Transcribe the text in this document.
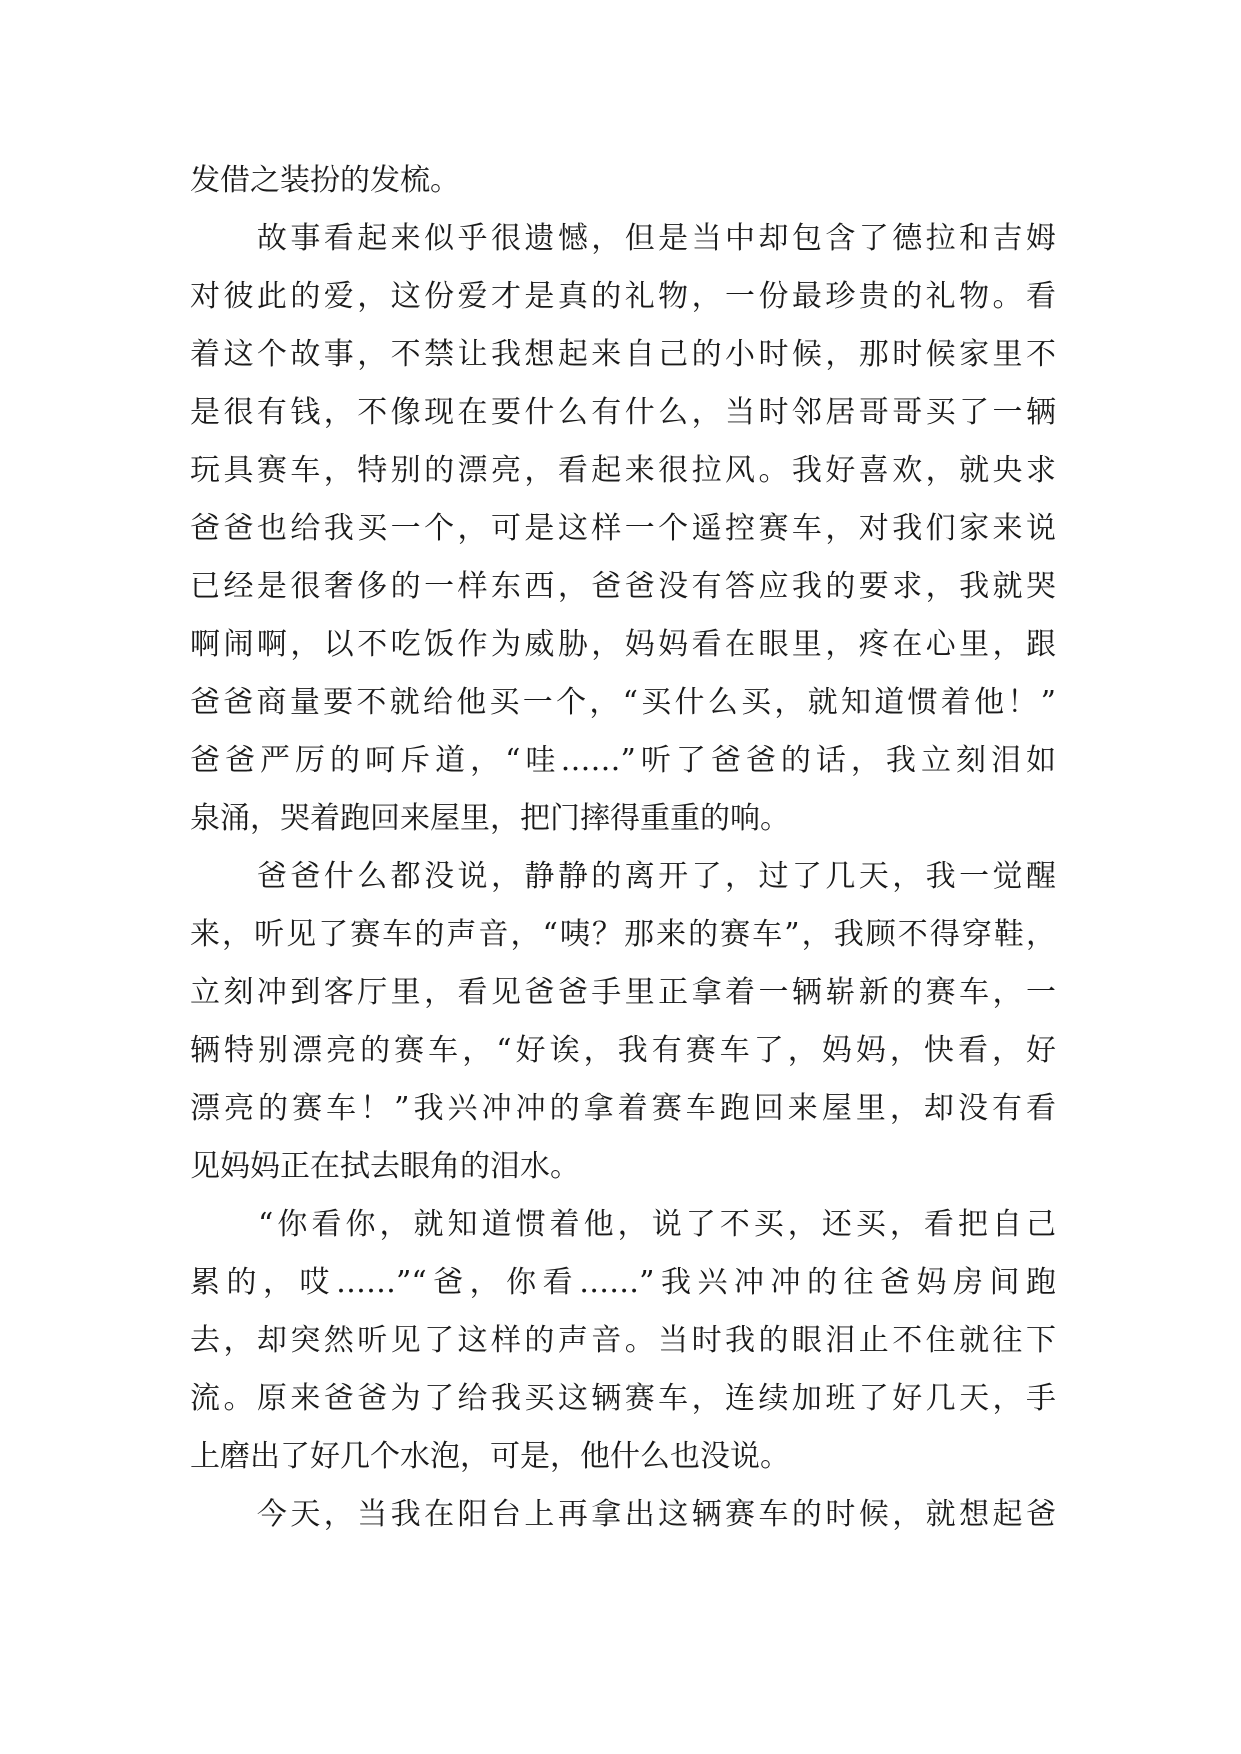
发借之装扮的发梳。
　　故事看起来似乎很遗憾，但是当中却包含了德拉和吉姆
对彼此的爱，这份爱才是真的礼物，一份最珍贵的礼物。看
着这个故事，不禁让我想起来自己的小时候，那时候家里不
是很有钱，不像现在要什么有什么，当时邻居哥哥买了一辆
玩具赛车，特别的漂亮，看起来很拉风。我好喜欢，就央求
爸爸也给我买一个，可是这样一个遥控赛车，对我们家来说
已经是很奢侈的一样东西，爸爸没有答应我的要求，我就哭
啊闹啊，以不吃饭作为威胁，妈妈看在眼里，疼在心里，跟
爸爸商量要不就给他买一个，“买什么买，就知道惯着他！”
爸爸严厉的呵斥道，“哇……”听了爸爸的话，我立刻泪如
泉涌，哭着跑回来屋里，把门摔得重重的响。
　　爸爸什么都没说，静静的离开了，过了几天，我一觉醒
来，听见了赛车的声音，“咦？那来的赛车”，我顾不得穿鞋，
立刻冲到客厅里，看见爸爸手里正拿着一辆崭新的赛车，一
辆特别漂亮的赛车，“好诶，我有赛车了，妈妈，快看，好
漂亮的赛车！”我兴冲冲的拿着赛车跑回来屋里，却没有看
见妈妈正在拭去眼角的泪水。
　　“你看你，就知道惯着他，说了不买，还买，看把自己
累的，哎……”“爸，你看……”我兴冲冲的往爸妈房间跑
去，却突然听见了这样的声音。当时我的眼泪止不住就往下
流。原来爸爸为了给我买这辆赛车，连续加班了好几天，手
上磨出了好几个水泡，可是，他什么也没说。
　　今天，当我在阳台上再拿出这辆赛车的时候，就想起爸
